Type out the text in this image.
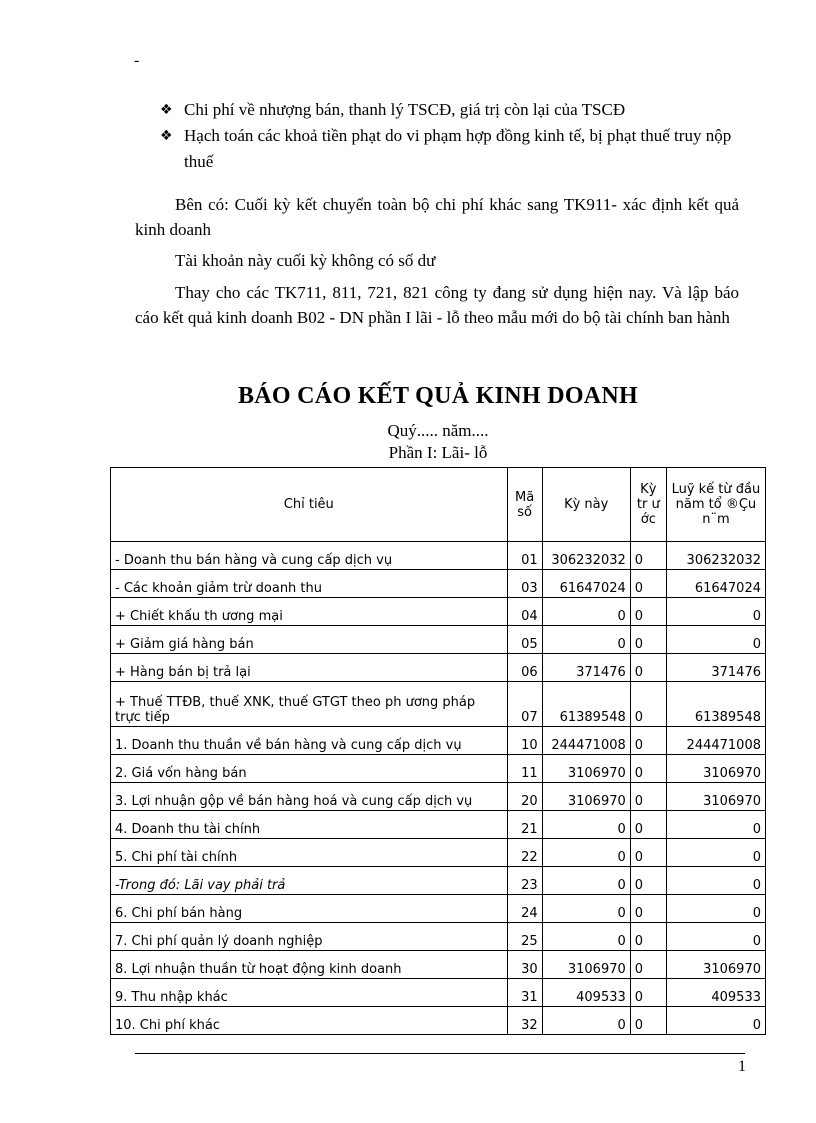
-
❖ Chi phí về nhượng bán, thanh lý TSCĐ, giá trị còn lại của TSCĐ
❖ Hạch toán các khoả tiền phạt do vi phạm hợp đồng kinh tế, bị phạt thuế truy nộp thuế
Bên có: Cuối kỳ kết chuyển toàn bộ chi phí khác sang TK911- xác định kết quả kinh doanh
Tài khoản này cuối kỳ không có số dư
Thay cho các TK711, 811, 721, 821 công ty đang sử dụng hiện nay. Và lập báo cáo kết quả kinh doanh B02 - DN phần I lãi - lỗ theo mẫu mới do bộ tài chính ban hành
BÁO CÁO KẾT QUẢ KINH DOANH
Quý..... năm....
Phần I: Lãi- lỗ
Chỉ tiêu	Mã số	Kỳ này	Kỳ tr ư ớc	Luỹ kế từ đầu năm tổ ®Çu n¨m
- Doanh thu bán hàng và cung cấp dịch vụ	01	306232032	0	306232032
- Các khoản giảm trừ doanh thu	03	61647024	0	61647024
+ Chiết khấu th ương mại	04	0	0	0
+ Giảm giá hàng bán	05	0	0	0
+ Hàng bán bị trả lại	06	371476	0	371476
+ Thuế TTĐB, thuế XNK, thuế GTGT theo ph ương pháp trực tiếp	07	61389548	0	61389548
1. Doanh thu thuần về bán hàng và cung cấp dịch vụ	10	244471008	0	244471008
2. Giá vốn hàng bán	11	3106970	0	3106970
3. Lợi nhuận gộp về bán hàng hoá và cung cấp dịch vụ	20	3106970	0	3106970
4. Doanh thu tài chính	21	0	0	0
5. Chi phí tài chính	22	0	0	0
-Trong đó: Lãi vay phải trả	23	0	0	0
6. Chi phí bán hàng	24	0	0	0
7. Chi phí quản lý doanh nghiệp	25	0	0	0
8. Lợi nhuận thuần từ hoạt động kinh doanh	30	3106970	0	3106970
9. Thu nhập khác	31	409533	0	409533
10. Chi phí khác	32	0	0	0
1
